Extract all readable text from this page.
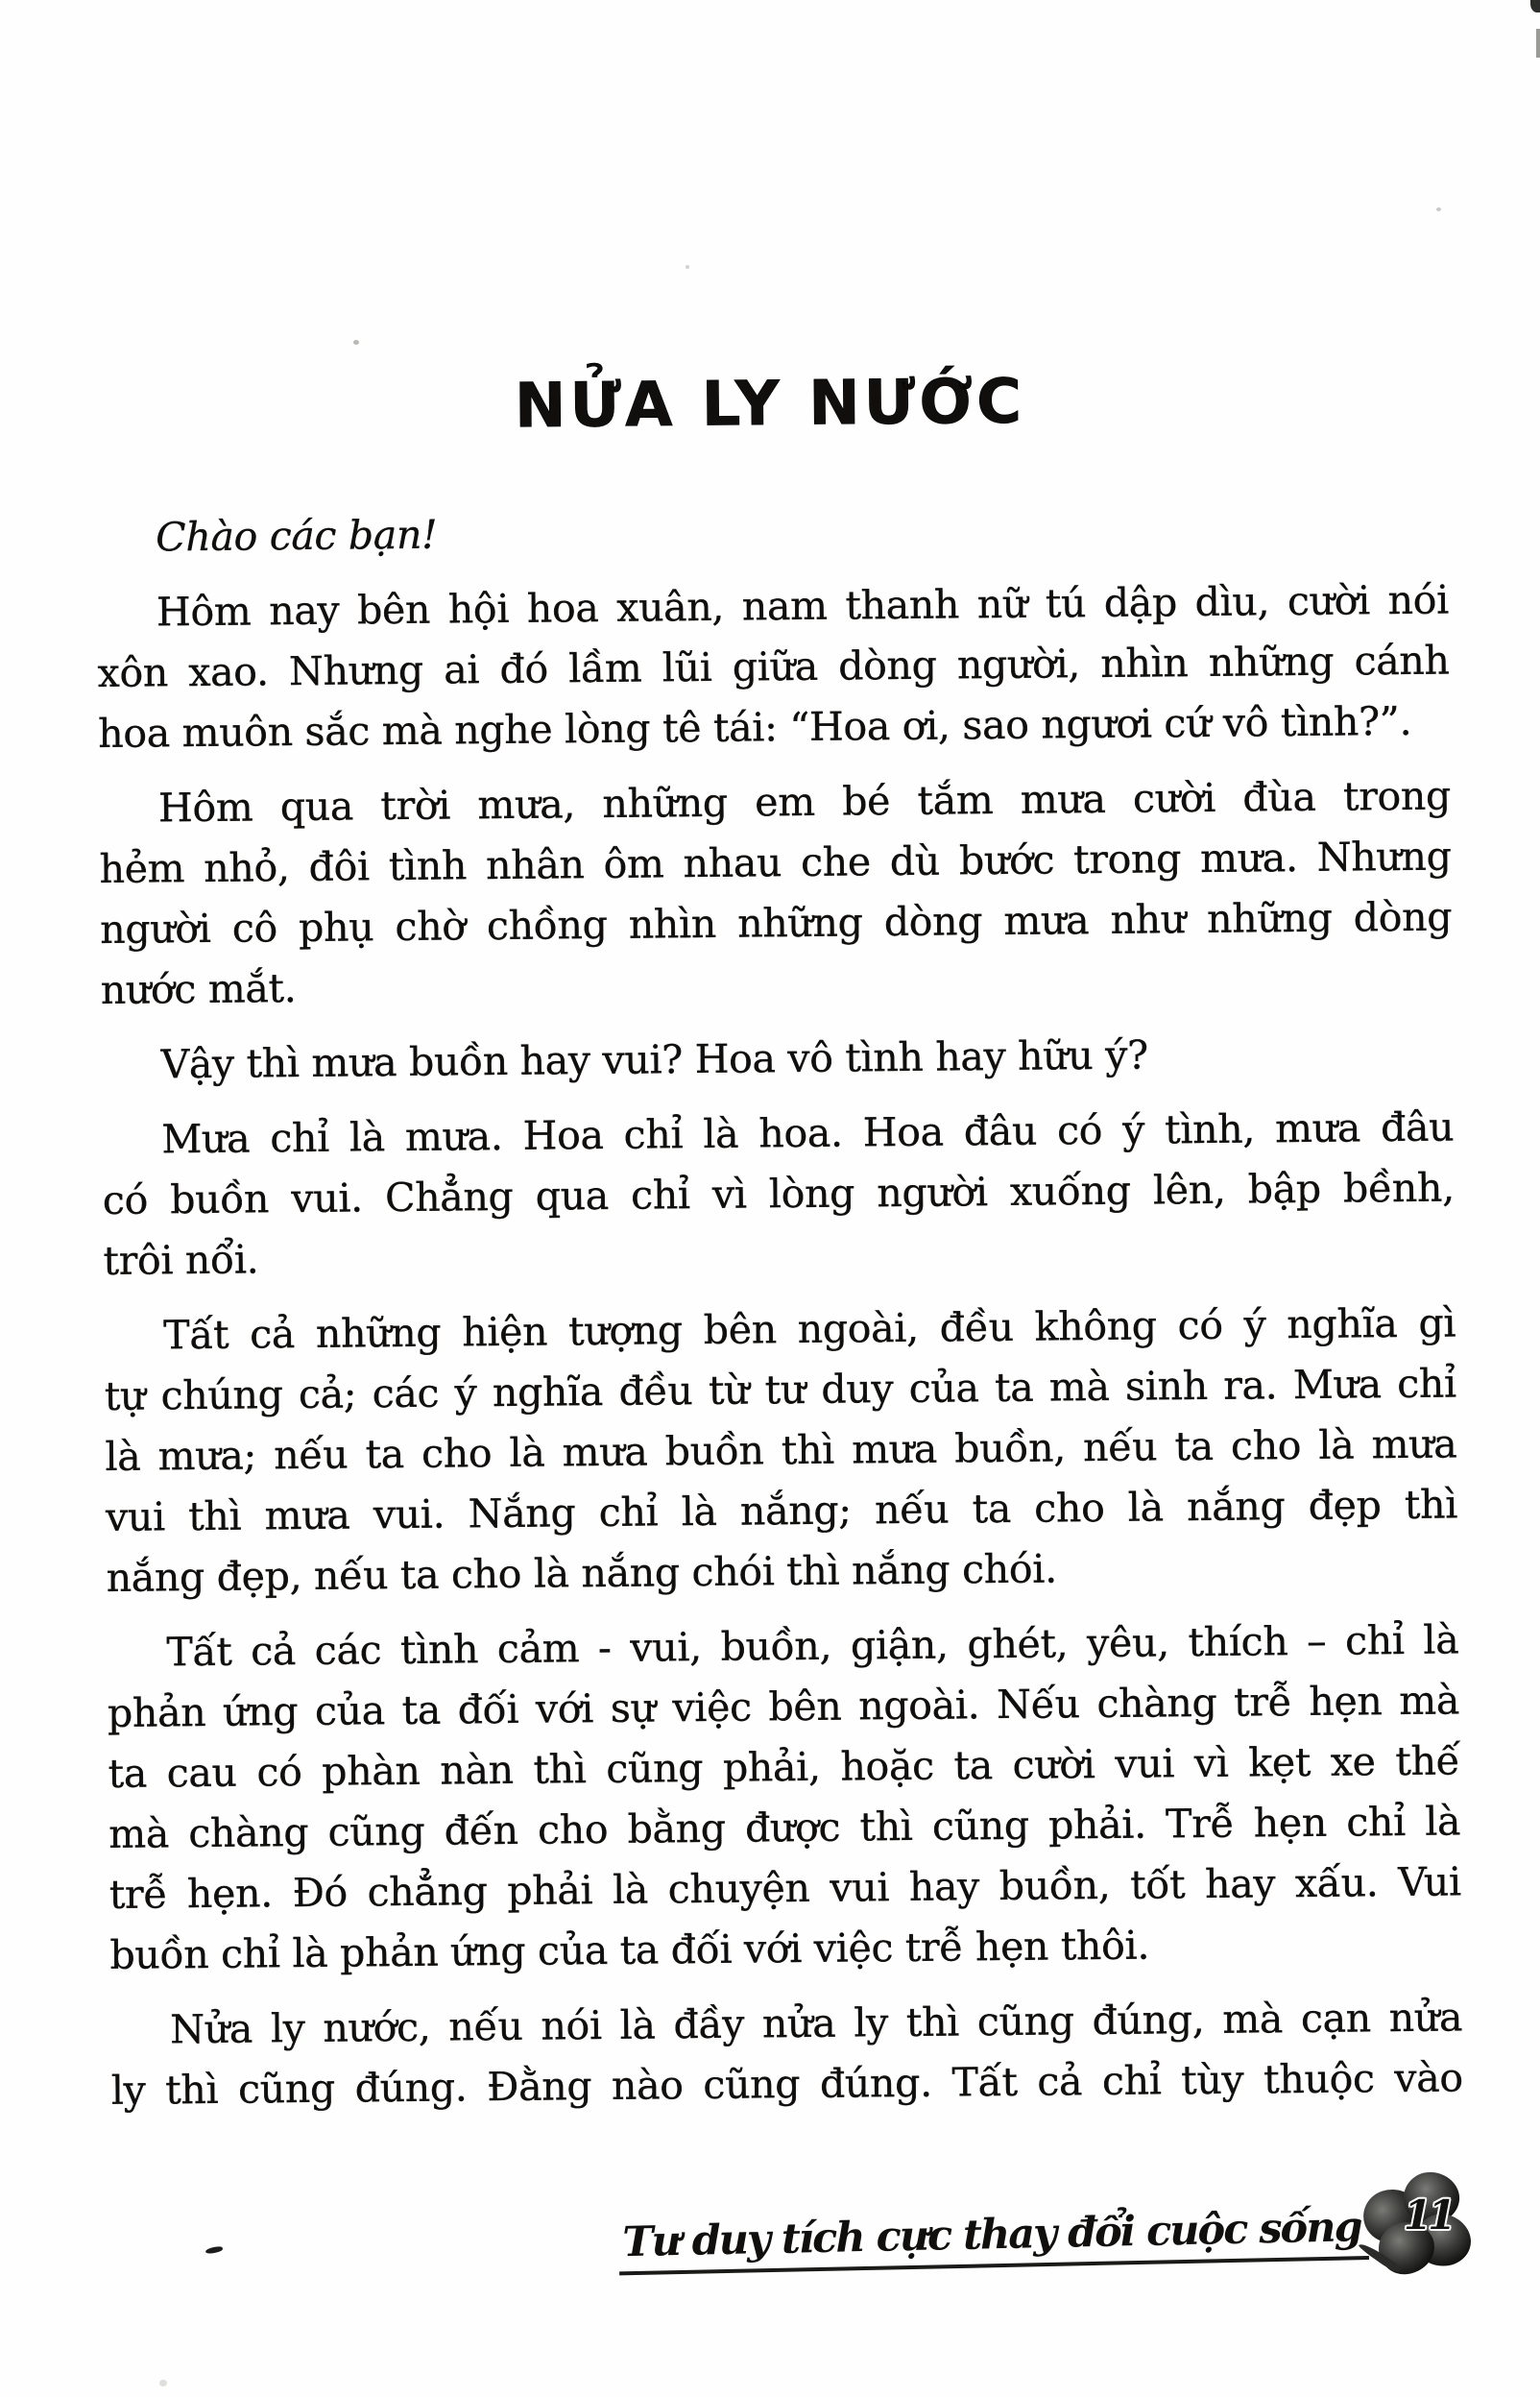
NỬA LY NƯỚC
Chào các bạn!
Hôm nay bên hội hoa xuân, nam thanh nữ tú dập dìu, cười nói
xôn xao. Nhưng ai đó lầm lũi giữa dòng người, nhìn những cánh
hoa muôn sắc mà nghe lòng tê tái: “Hoa ơi, sao ngươi cứ vô tình?”.
Hôm qua trời mưa, những em bé tắm mưa cười đùa trong
hẻm nhỏ, đôi tình nhân ôm nhau che dù bước trong mưa. Nhưng
người cô phụ chờ chồng nhìn những dòng mưa như những dòng
nước mắt.
Vậy thì mưa buồn hay vui? Hoa vô tình hay hữu ý?
Mưa chỉ là mưa. Hoa chỉ là hoa. Hoa đâu có ý tình, mưa đâu
có buồn vui. Chẳng qua chỉ vì lòng người xuống lên, bập bềnh,
trôi nổi.
Tất cả những hiện tượng bên ngoài, đều không có ý nghĩa gì
tự chúng cả; các ý nghĩa đều từ tư duy của ta mà sinh ra. Mưa chỉ
là mưa; nếu ta cho là mưa buồn thì mưa buồn, nếu ta cho là mưa
vui thì mưa vui. Nắng chỉ là nắng; nếu ta cho là nắng đẹp thì
nắng đẹp, nếu ta cho là nắng chói thì nắng chói.
Tất cả các tình cảm - vui, buồn, giận, ghét, yêu, thích – chỉ là
phản ứng của ta đối với sự việc bên ngoài. Nếu chàng trễ hẹn mà
ta cau có phàn nàn thì cũng phải, hoặc ta cười vui vì kẹt xe thế
mà chàng cũng đến cho bằng được thì cũng phải. Trễ hẹn chỉ là
trễ hẹn. Đó chẳng phải là chuyện vui hay buồn, tốt hay xấu. Vui
buồn chỉ là phản ứng của ta đối với việc trễ hẹn thôi.
Nửa ly nước, nếu nói là đầy nửa ly thì cũng đúng, mà cạn nửa
ly thì cũng đúng. Đằng nào cũng đúng. Tất cả chỉ tùy thuộc vào
Tư duy tích cực thay đổi cuộc sống 11
